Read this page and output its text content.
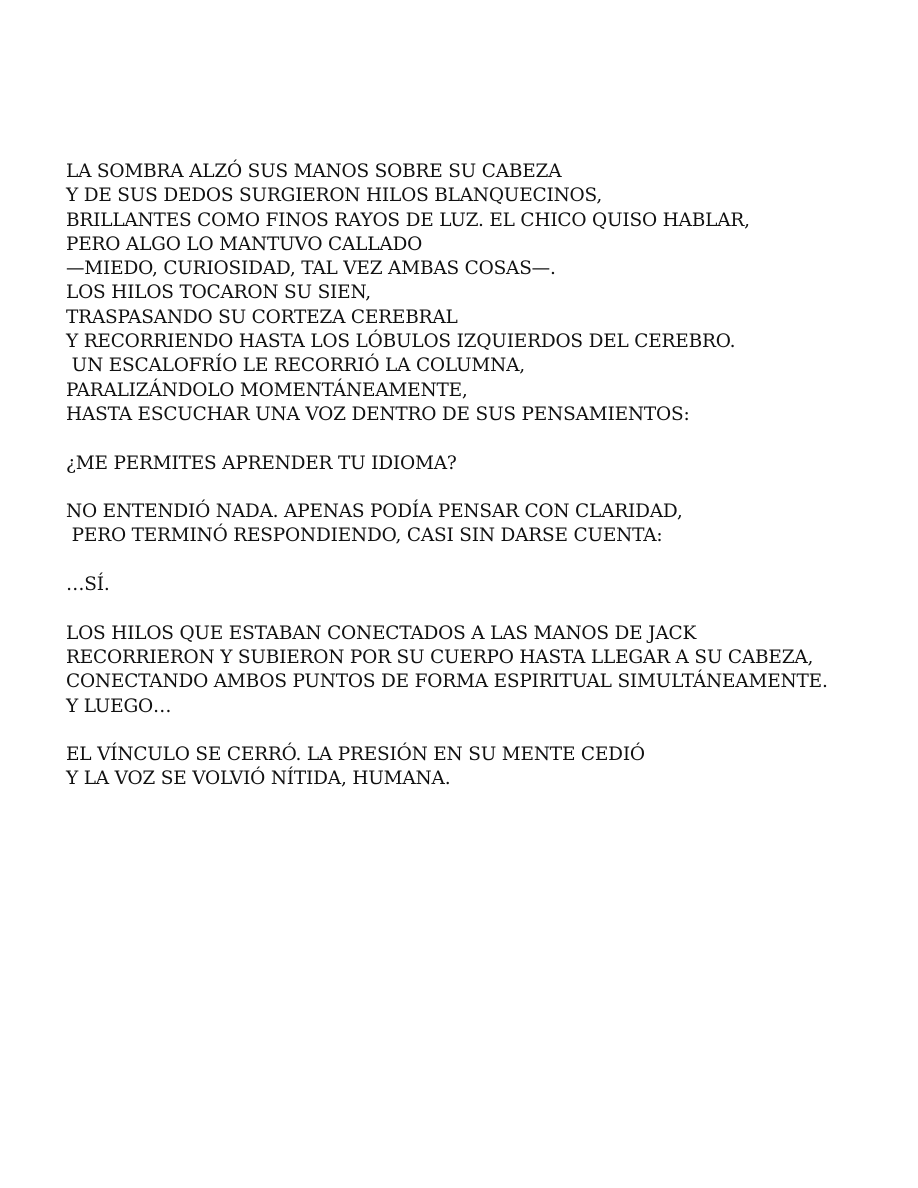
LA SOMBRA ALZÓ SUS MANOS SOBRE SU CABEZA
Y DE SUS DEDOS SURGIERON HILOS BLANQUECINOS,
BRILLANTES COMO FINOS RAYOS DE LUZ. EL CHICO QUISO HABLAR,
PERO ALGO LO MANTUVO CALLADO
—MIEDO, CURIOSIDAD, TAL VEZ AMBAS COSAS—.
LOS HILOS TOCARON SU SIEN,
TRASPASANDO SU CORTEZA CEREBRAL
Y RECORRIENDO HASTA LOS LÓBULOS IZQUIERDOS DEL CEREBRO.
UN ESCALOFRÍO LE RECORRIÓ LA COLUMNA,
PARALIZÁNDOLO MOMENTÁNEAMENTE,
HASTA ESCUCHAR UNA VOZ DENTRO DE SUS PENSAMIENTOS:

¿ME PERMITES APRENDER TU IDIOMA?

NO ENTENDIÓ NADA. APENAS PODÍA PENSAR CON CLARIDAD,
PERO TERMINÓ RESPONDIENDO, CASI SIN DARSE CUENTA:

…SÍ.

LOS HILOS QUE ESTABAN CONECTADOS A LAS MANOS DE JACK
RECORRIERON Y SUBIERON POR SU CUERPO HASTA LLEGAR A SU CABEZA,
CONECTANDO AMBOS PUNTOS DE FORMA ESPIRITUAL SIMULTÁNEAMENTE.
Y LUEGO…

EL VÍNCULO SE CERRÓ. LA PRESIÓN EN SU MENTE CEDIÓ
Y LA VOZ SE VOLVIÓ NÍTIDA, HUMANA.
